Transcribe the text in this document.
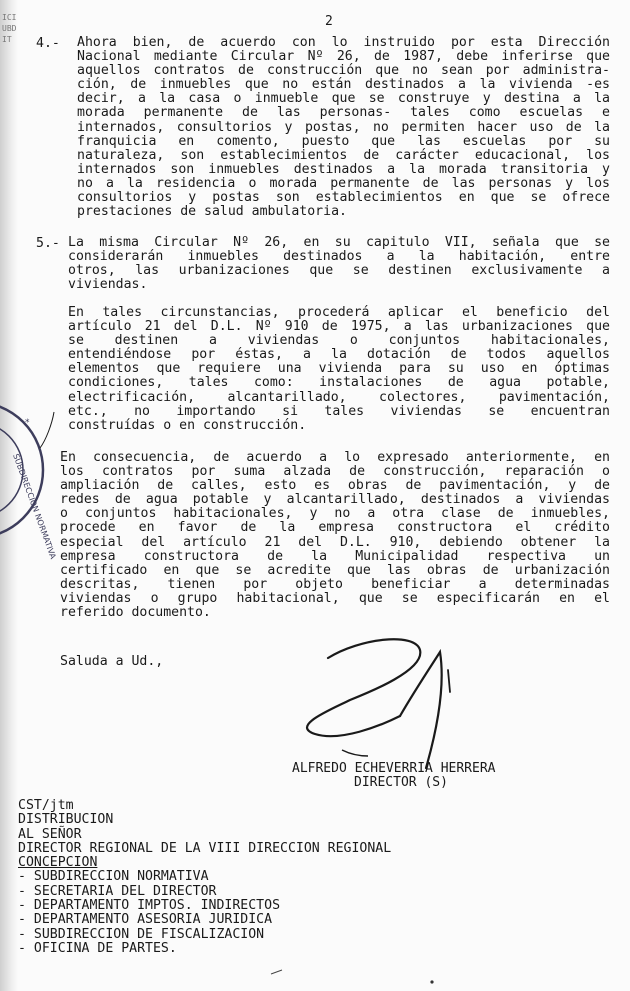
ICI
UBD
IT
2
4.- Ahora bien, de acuerdo con lo instruido por esta Dirección
Nacional mediante Circular Nº 26, de 1987, debe inferirse que
aquellos contratos de construcción que no sean por administra-
ción, de inmuebles que no están destinados a la vivienda -es
decir, a la casa o inmueble que se construye y destina a la
morada permanente de las personas- tales como escuelas e
internados, consultorios y postas, no permiten hacer uso de la
franquicia en comento, puesto que las escuelas por su
naturaleza, son establecimientos de carácter educacional, los
internados son inmuebles destinados a la morada transitoria y
no a la residencia o morada permanente de las personas y los
consultorios y postas son establecimientos en que se ofrece
prestaciones de salud ambulatoria.
5.- La misma Circular Nº 26, en su capitulo VII, señala que se
considerarán inmuebles destinados a la habitación, entre
otros, las urbanizaciones que se destinen exclusivamente a
viviendas.
En tales circunstancias, procederá aplicar el beneficio del
artículo 21 del D.L. Nº 910 de 1975, a las urbanizaciones que
se destinen a viviendas o conjuntos habitacionales,
entendiéndose por éstas, a la dotación de todos aquellos
elementos que requiere una vivienda para su uso en óptimas
condiciones, tales como: instalaciones de agua potable,
electrificación, alcantarillado, colectores, pavimentación,
etc., no importando si tales viviendas se encuentran
construídas o en construcción.
En consecuencia, de acuerdo a lo expresado anteriormente, en
los contratos por suma alzada de construcción, reparación o
ampliación de calles, esto es obras de pavimentación, y de
redes de agua potable y alcantarillado, destinados a viviendas
o conjuntos habitacionales, y no a otra clase de inmuebles,
procede en favor de la empresa constructora el crédito
especial del artículo 21 del D.L. 910, debiendo obtener la
empresa constructora de la Municipalidad respectiva un
certificado en que se acredite que las obras de urbanización
descritas, tienen por objeto beneficiar a determinadas
viviendas o grupo habitacional, que se especificarán en el
referido documento.
Saluda a Ud.,
ALFREDO ECHEVERRIA HERRERA
DIRECTOR (S)
SUBDIRECCION NORMATIVA
*
CST/jtm
DISTRIBUCION
AL SEÑOR
DIRECTOR REGIONAL DE LA VIII DIRECCION REGIONAL
CONCEPCION
- SUBDIRECCION NORMATIVA
- SECRETARIA DEL DIRECTOR
- DEPARTAMENTO IMPTOS. INDIRECTOS
- DEPARTAMENTO ASESORIA JURIDICA
- SUBDIRECCION DE FISCALIZACION
- OFICINA DE PARTES.
